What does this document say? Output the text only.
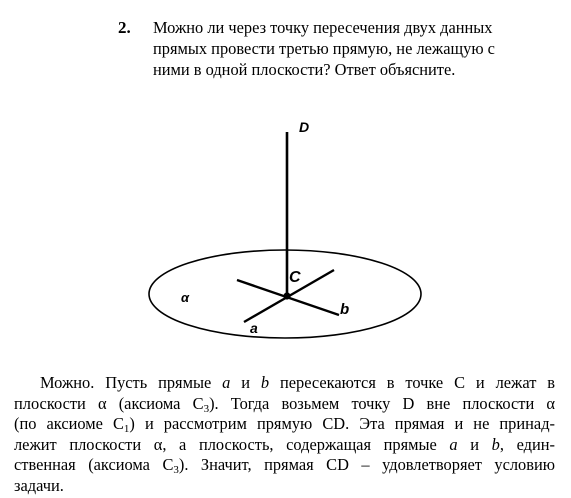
2. Можно ли через точку пересечения двух данных
прямых провести третью прямую, не лежащую с
ними в одной плоскости? Ответ объясните.
D
C
a
b
α
Можно. Пусть прямые a и b пересекаются в точке С и лежат в
плоскости α (аксиома $С_3$). Тогда возьмем точку D вне плоскости α
(по аксиоме $С_1$) и рассмотрим прямую CD. Эта прямая и не принад-
лежит плоскости α, а плоскость, содержащая прямые a и b, един-
ственная (аксиома $С_3$). Значит, прямая CD – удовлетворяет условию
задачи.
